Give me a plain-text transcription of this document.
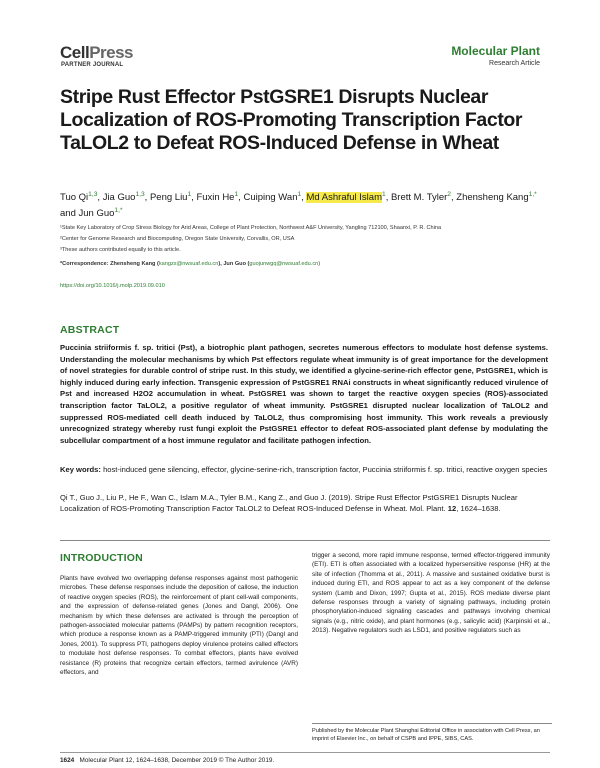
CellPress
PARTNER JOURNAL
Molecular Plant
Research Article
Stripe Rust Effector PstGSRE1 Disrupts Nuclear Localization of ROS-Promoting Transcription Factor TaLOL2 to Defeat ROS-Induced Defense in Wheat
Tuo Qi$^{1,3}$, Jia Guo$^{1,3}$, Peng Liu$^1$, Fuxin He$^1$, Cuiping Wan$^1$, Md Ashraful Islam$^1$, Brett M. Tyler$^2$, Zhensheng Kang$^{1,*}$ and Jun Guo$^{1,*}$
¹State Key Laboratory of Crop Stress Biology for Arid Areas, College of Plant Protection, Northwest A&F University, Yangling 712100, Shaanxi, P. R. China
²Center for Genome Research and Biocomputing, Oregon State University, Corvallis, OR, USA
³These authors contributed equally to this article.
*Correspondence: Zhensheng Kang (kangzs@nwsuaf.edu.cn), Jun Guo (guojunwgq@nwsuaf.edu.cn)
https://doi.org/10.1016/j.molp.2019.09.010
ABSTRACT
Puccinia striiformis f. sp. tritici (Pst), a biotrophic plant pathogen, secretes numerous effectors to modulate host defense systems. Understanding the molecular mechanisms by which Pst effectors regulate wheat immunity is of great importance for the development of novel strategies for durable control of stripe rust. In this study, we identified a glycine-serine-rich effector gene, PstGSRE1, which is highly induced during early infection. Transgenic expression of PstGSRE1 RNAi constructs in wheat significantly reduced virulence of Pst and increased H2O2 accumulation in wheat. PstGSRE1 was shown to target the reactive oxygen species (ROS)-associated transcription factor TaLOL2, a positive regulator of wheat immunity. PstGSRE1 disrupted nuclear localization of TaLOL2 and suppressed ROS-mediated cell death induced by TaLOL2, thus compromising host immunity. This work reveals a previously unrecognized strategy whereby rust fungi exploit the PstGSRE1 effector to defeat ROS-associated plant defense by modulating the subcellular compartment of a host immune regulator and facilitate pathogen infection.
Key words: host-induced gene silencing, effector, glycine-serine-rich, transcription factor, Puccinia striiformis f. sp. tritici, reactive oxygen species
Qi T., Guo J., Liu P., He F., Wan C., Islam M.A., Tyler B.M., Kang Z., and Guo J. (2019). Stripe Rust Effector PstGSRE1 Disrupts Nuclear Localization of ROS-Promoting Transcription Factor TaLOL2 to Defeat ROS-Induced Defense in Wheat. Mol. Plant. 12, 1624–1638.
INTRODUCTION
Plants have evolved two overlapping defense responses against most pathogenic microbes. These defense responses include the deposition of callose, the induction of reactive oxygen species (ROS), the reinforcement of plant cell-wall components, and the expression of defense-related genes (Jones and Dangl, 2006). One mechanism by which these defenses are activated is through the perception of pathogen-associated molecular patterns (PAMPs) by pattern recognition receptors, which produce a response known as a PAMP-triggered immunity (PTI) (Dangl and Jones, 2001). To suppress PTI, pathogens deploy virulence proteins called effectors to modulate host defense responses. To combat effectors, plants have evolved resistance (R) proteins that recognize certain effectors, termed avirulence (AVR) effectors, and
trigger a second, more rapid immune response, termed effector-triggered immunity (ETI). ETI is often associated with a localized hypersensitive response (HR) at the site of infection (Thomma et al., 2011). A massive and sustained oxidative burst is induced during ETI, and ROS appear to act as a key component of the defense system (Lamb and Dixon, 1997; Gupta et al., 2015). ROS mediate diverse plant defense responses through a variety of signaling pathways, including protein phosphorylation-induced signaling cascades and pathways involving chemical signals (e.g., nitric oxide), and plant hormones (e.g., salicylic acid) (Karpinski et al., 2013). Negative regulators such as LSD1, and positive regulators such as
Published by the Molecular Plant Shanghai Editorial Office in association with Cell Press, an imprint of Elsevier Inc., on behalf of CSPB and IPPE, SIBS, CAS.
1624 Molecular Plant 12, 1624–1638, December 2019 © The Author 2019.
